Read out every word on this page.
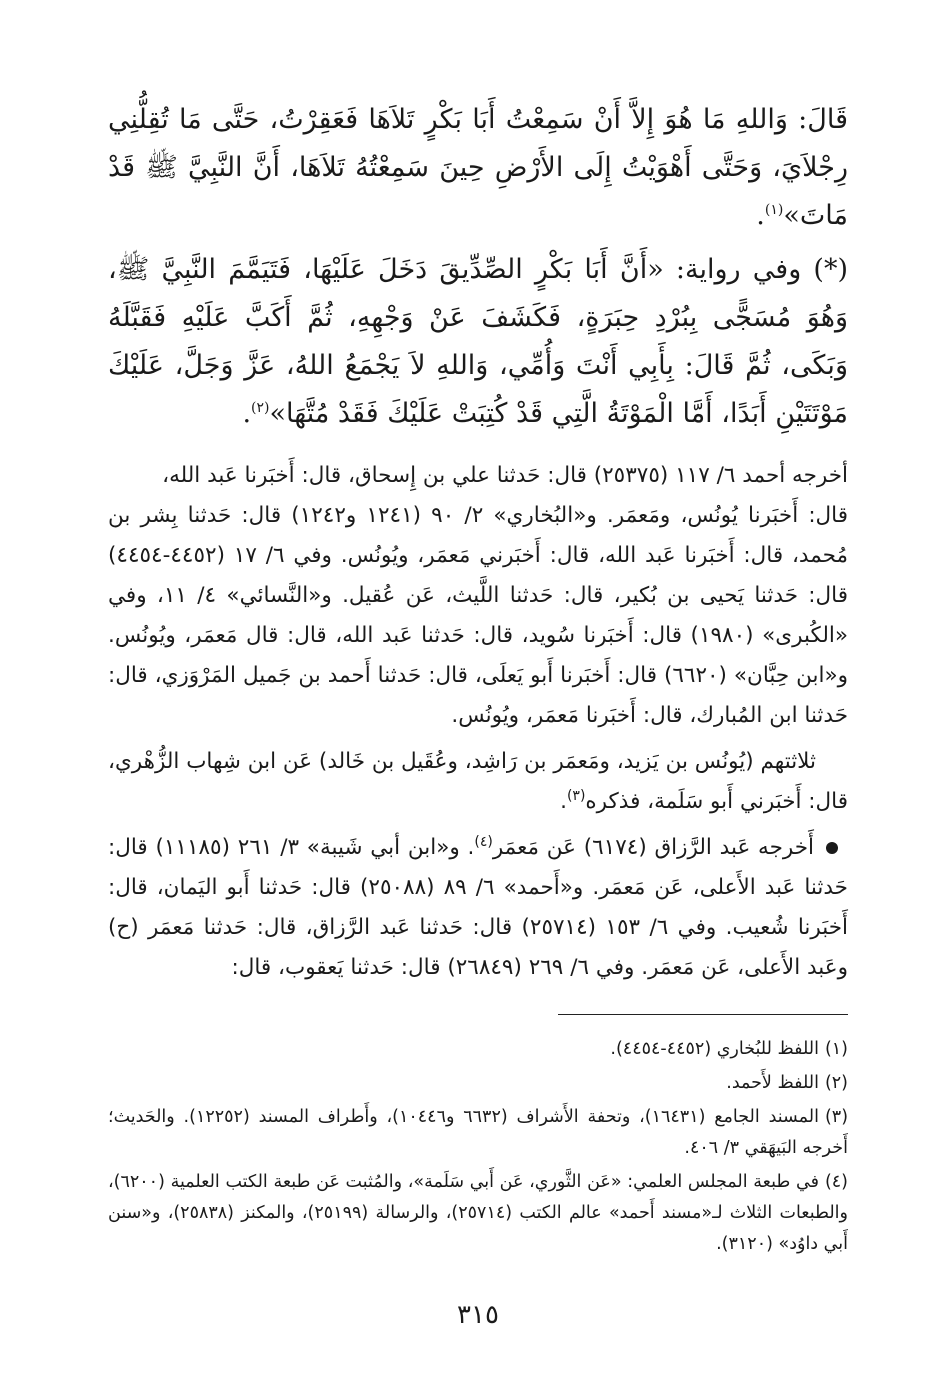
قَالَ: وَاللهِ مَا هُوَ إِلاَّ أَنْ سَمِعْتُ أَبَا بَكْرٍ تَلاَهَا فَعَقِرْتُ، حَتَّى مَا تُقِلُّنِي رِجْلاَيَ، وَحَتَّى أَهْوَيْتُ إِلَى الأَرْضِ حِينَ سَمِعْتُهُ تَلاَهَا، أَنَّ النَّبِيَّ ﷺ قَدْ مَاتَ»$^{(١)}$.

(*) وفي رواية: «أَنَّ أَبَا بَكْرٍ الصِّدِّيقَ دَخَلَ عَلَيْهَا، فَتَيَمَّمَ النَّبِيَّ ﷺ، وَهُوَ مُسَجًّى بِبُرْدِ حِبَرَةٍ، فَكَشَفَ عَنْ وَجْهِهِ، ثُمَّ أَكَبَّ عَلَيْهِ فَقَبَّلَهُ وَبَكَى، ثُمَّ قَالَ: بِأَبِي أَنْتَ وَأُمِّي، وَاللهِ لاَ يَجْمَعُ اللهُ، عَزَّ وَجَلَّ، عَلَيْكَ مَوْتَتَيْنِ أَبَدًا، أَمَّا الْمَوْتَةُ الَّتِي قَدْ كُتِبَتْ عَلَيْكَ فَقَدْ مُتَّهَا»$^{(٢)}$.

أخرجه أحمد ٦/ ١١٧ (٢٥٣٧٥) قال: حَدثنا علي بن إِسحاق، قال: أَخبَرنا عَبد الله،

قال: أَخبَرنا يُونُس، ومَعمَر. و«البُخاري» ٢/ ٩٠ (١٢٤١ و١٢٤٢) قال: حَدثنا بِشر بن مُحمد، قال: أَخبَرنا عَبد الله، قال: أَخبَرني مَعمَر، ويُونُس. وفي ٦/ ١٧ (٤٤٥٢-٤٤٥٤) قال: حَدثنا يَحيى بن بُكير، قال: حَدثنا اللَّيث، عَن عُقيل. و«النَّسائي» ٤/ ١١، وفي «الكُبرى» (١٩٨٠) قال: أَخبَرنا سُويد، قال: حَدثنا عَبد الله، قال: قال مَعمَر، ويُونُس. و«ابن حِبَّان» (٦٦٢٠) قال: أَخبَرنا أَبو يَعلَى، قال: حَدثنا أَحمد بن جَميل المَرْوَزي، قال: حَدثنا ابن المُبارك، قال: أَخبَرنا مَعمَر، ويُونُس.

ثلاثتهم (يُونُس بن يَزيد، ومَعمَر بن رَاشِد، وعُقَيل بن خَالد) عَن ابن شِهاب الزُّهْري، قال: أَخبَرني أَبو سَلَمة، فذكره$^{(٣)}$.

أَخرجه عَبد الرَّزاق (٦١٧٤) عَن مَعمَر$^{(٤)}$. و«ابن أبي شَيبة» ٣/ ٢٦١ (١١١٨٥) قال: حَدثنا عَبد الأَعلى، عَن مَعمَر. و«أَحمد» ٦/ ٨٩ (٢٥٠٨٨) قال: حَدثنا أَبو اليَمان، قال: أَخبَرنا شُعيب. وفي ٦/ ١٥٣ (٢٥٧١٤) قال: حَدثنا عَبد الرَّزاق، قال: حَدثنا مَعمَر (ح) وعَبد الأَعلى، عَن مَعمَر. وفي ٦/ ٢٦٩ (٢٦٨٤٩) قال: حَدثنا يَعقوب، قال:

(١)اللفظ للبُخاري (٤٤٥٢-٤٤٥٤).

(٢)اللفظ لأَحمد.

(٣)المسند الجامع (١٦٤٣١)، وتحفة الأَشراف (٦٦٣٢ و١٠٤٤٦)، وأَطراف المسند (١٢٢٥٢). والحَديث؛ أَخرجه البَيهَقي ٣/ ٤٠٦.

(٤)في طبعة المجلس العلمي: «عَن الثَّوري، عَن أَبي سَلَمة»، والمُثبت عَن طبعة الكتب العلمية (٦٢٠٠)، والطبعات الثلاث لـ«مسند أَحمد» عالم الكتب (٢٥٧١٤)، والرسالة (٢٥١٩٩)، والمكنز (٢٥٨٣٨)، و«سنن أَبي داوُد» (٣١٢٠).

٣١٥
